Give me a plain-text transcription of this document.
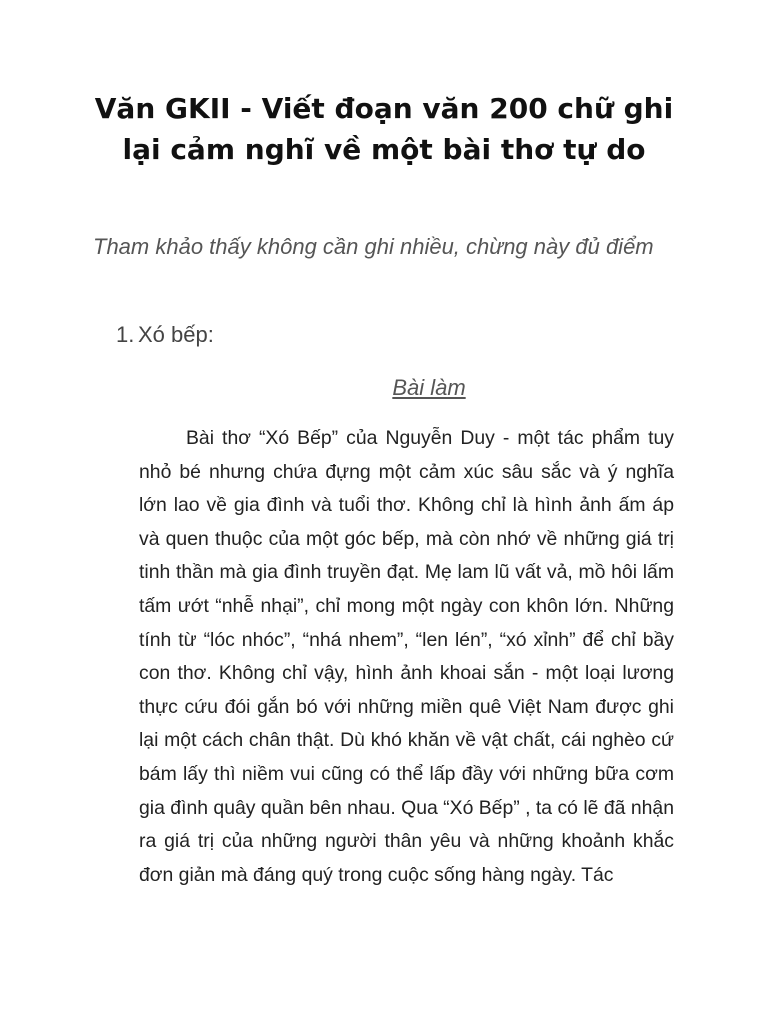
Văn GKII - Viết đoạn văn 200 chữ ghi lại cảm nghĩ về một bài thơ tự do

Tham khảo thấy không cần ghi nhiều, chừng này đủ điểm

1. Xó bếp:

Bài làm

Bài thơ “Xó Bếp” của Nguyễn Duy - một tác phẩm tuy nhỏ bé nhưng chứa đựng một cảm xúc sâu sắc và ý nghĩa lớn lao về gia đình và tuổi thơ. Không chỉ là hình ảnh ấm áp và quen thuộc của một góc bếp, mà còn nhớ về những giá trị tinh thần mà gia đình truyền đạt. Mẹ lam lũ vất vả, mồ hôi lấm tấm ướt “nhễ nhại”, chỉ mong một ngày con khôn lớn. Những tính từ “lóc nhóc”, “nhá nhem”, “len lén”, “xó xỉnh” để chỉ bầy con thơ. Không chỉ vậy, hình ảnh khoai sắn - một loại lương thực cứu đói gắn bó với những miền quê Việt Nam được ghi lại một cách chân thật. Dù khó khăn về vật chất, cái nghèo cứ bám lấy thì niềm vui cũng có thể lấp đầy với những bữa cơm gia đình quây quần bên nhau. Qua “Xó Bếp” , ta có lẽ đã nhận ra giá trị của những người thân yêu và những khoảnh khắc đơn giản mà đáng quý trong cuộc sống hàng ngày. Tác
